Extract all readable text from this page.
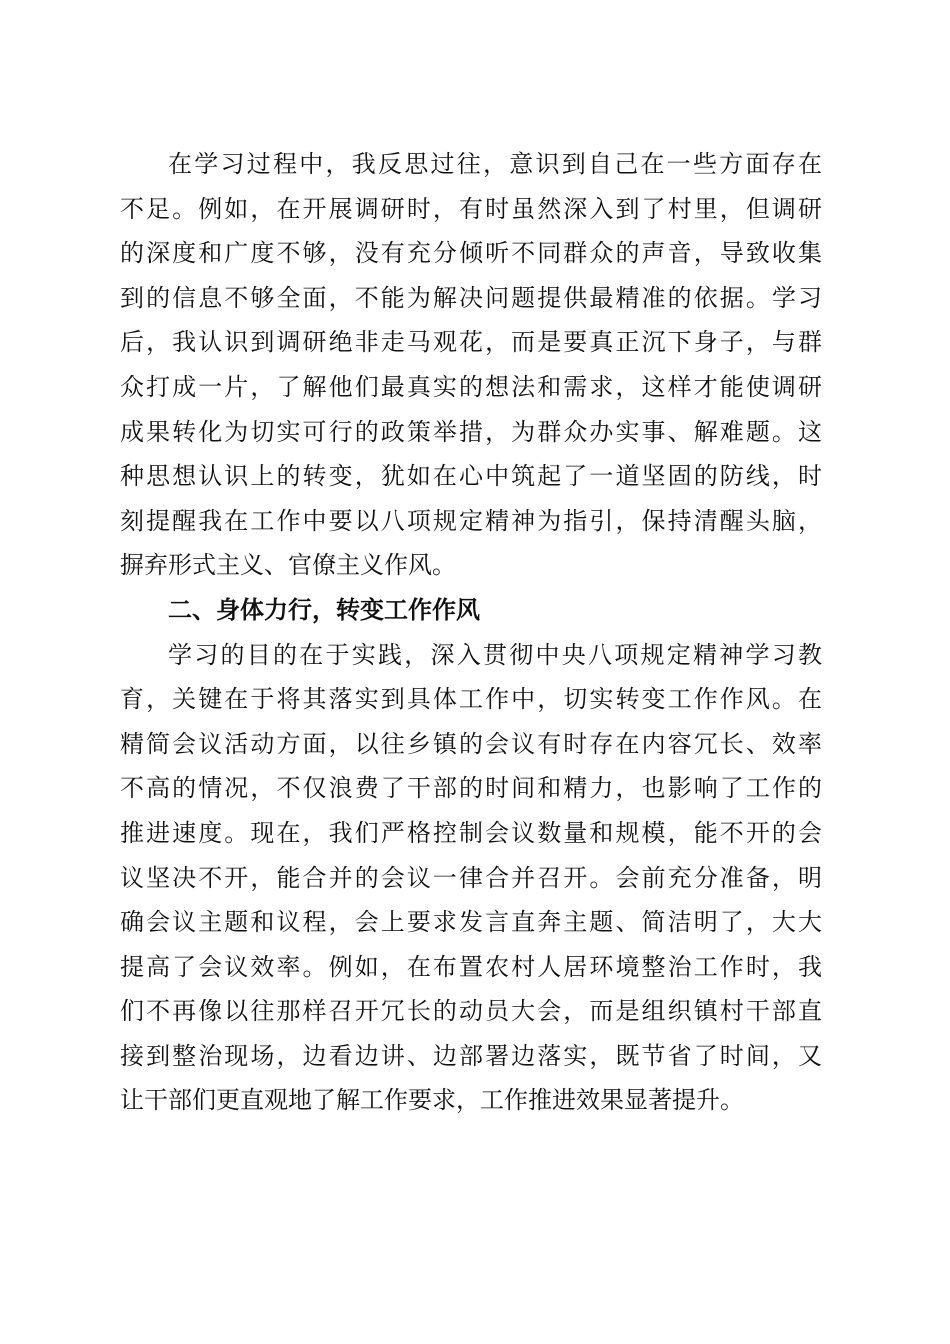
在学习过程中，我反思过往，意识到自己在一些方面存在
不足。例如，在开展调研时，有时虽然深入到了村里，但调研
的深度和广度不够，没有充分倾听不同群众的声音，导致收集
到的信息不够全面，不能为解决问题提供最精准的依据。学习
后，我认识到调研绝非走马观花，而是要真正沉下身子，与群
众打成一片，了解他们最真实的想法和需求，这样才能使调研
成果转化为切实可行的政策举措，为群众办实事、解难题。这
种思想认识上的转变，犹如在心中筑起了一道坚固的防线，时
刻提醒我在工作中要以八项规定精神为指引，保持清醒头脑，
摒弃形式主义、官僚主义作风。
二、身体力行，转变工作作风
学习的目的在于实践，深入贯彻中央八项规定精神学习教
育，关键在于将其落实到具体工作中，切实转变工作作风。在
精简会议活动方面，以往乡镇的会议有时存在内容冗长、效率
不高的情况，不仅浪费了干部的时间和精力，也影响了工作的
推进速度。现在，我们严格控制会议数量和规模，能不开的会
议坚决不开，能合并的会议一律合并召开。会前充分准备，明
确会议主题和议程，会上要求发言直奔主题、简洁明了，大大
提高了会议效率。例如，在布置农村人居环境整治工作时，我
们不再像以往那样召开冗长的动员大会，而是组织镇村干部直
接到整治现场，边看边讲、边部署边落实，既节省了时间，又
让干部们更直观地了解工作要求，工作推进效果显著提升。
